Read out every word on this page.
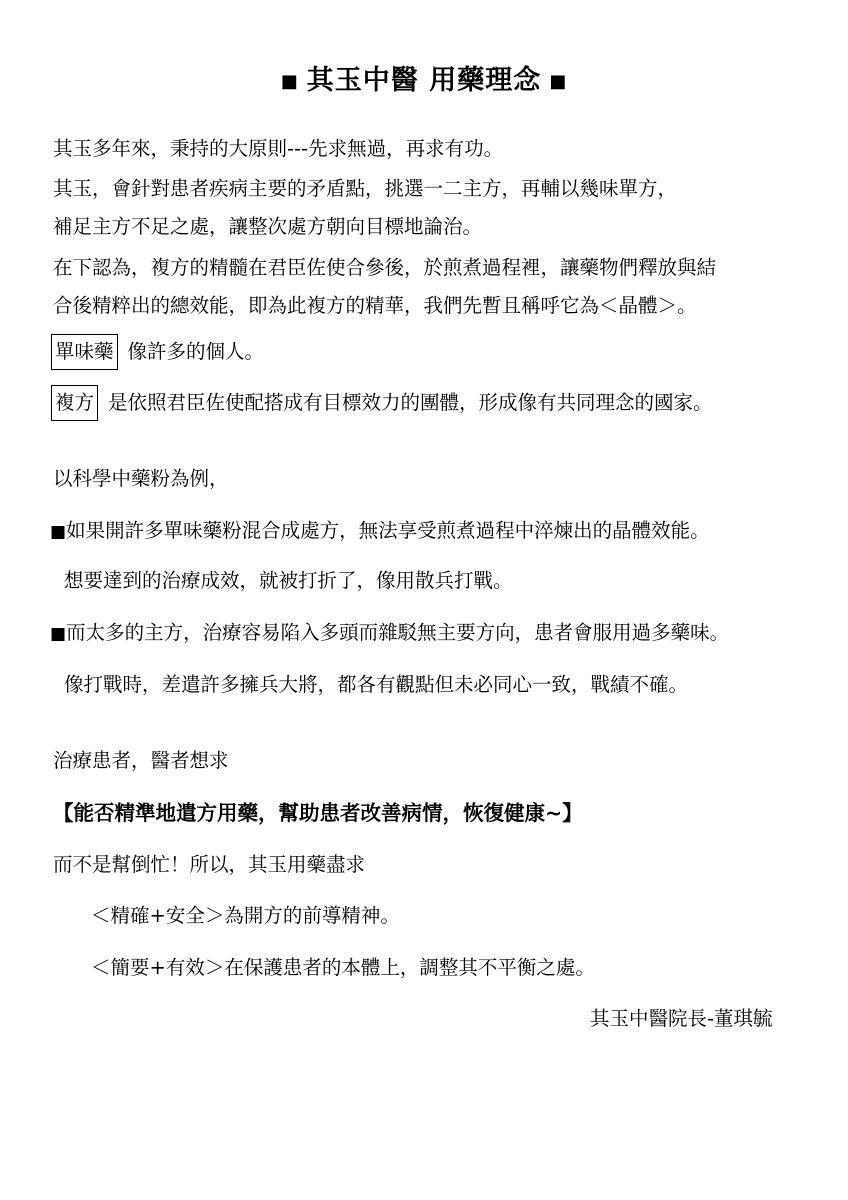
■ 其玉中醫 用藥理念 ■
其玉多年來，秉持的大原則---先求無過，再求有功。
其玉，會針對患者疾病主要的矛盾點，挑選一二主方，再輔以幾味單方，
補足主方不足之處，讓整次處方朝向目標地論治。
在下認為，複方的精髓在君臣佐使合參後，於煎煮過程裡，讓藥物們釋放與結
合後精粹出的總效能，即為此複方的精華，我們先暫且稱呼它為＜晶體＞。
單味藥 像許多的個人。
複方 是依照君臣佐使配搭成有目標效力的團體，形成像有共同理念的國家。
以科學中藥粉為例，
■如果開許多單味藥粉混合成處方，無法享受煎煮過程中淬煉出的晶體效能。
想要達到的治療成效，就被打折了，像用散兵打戰。
■而太多的主方，治療容易陷入多頭而雜駁無主要方向，患者會服用過多藥味。
像打戰時，差遣許多擁兵大將，都各有觀點但未必同心一致，戰績不確。
治療患者，醫者想求
【能否精準地遣方用藥，幫助患者改善病情，恢復健康~】
而不是幫倒忙！所以，其玉用藥盡求
＜精確+安全＞為開方的前導精神。
＜簡要+有效＞在保護患者的本體上，調整其不平衡之處。
其玉中醫院長-董琪毓
